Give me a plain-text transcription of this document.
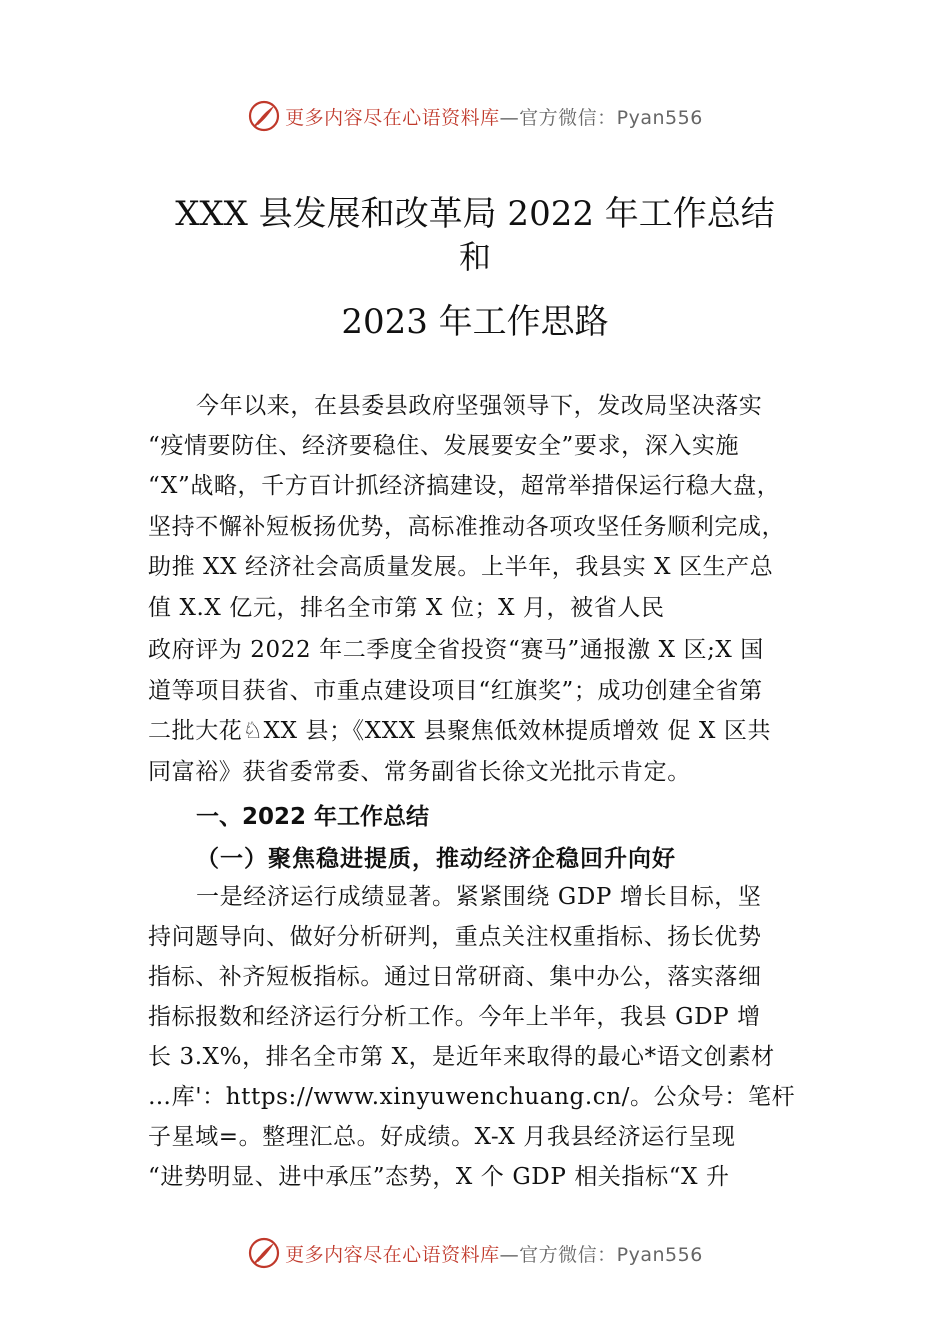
更多内容尽在心语资料库—官方微信：Pyan556
XXX 县发展和改革局 2022 年工作总结
和
2023 年工作思路
今年以来，在县委县政府坚强领导下，发改局坚决落实
“疫情要防住、经济要稳住、发展要安全”要求，深入实施
“X”战略，千方百计抓经济搞建设，超常举措保运行稳大盘，
坚持不懈补短板扬优势，高标准推动各项攻坚任务顺利完成，
助推 XX 经济社会高质量发展。上半年，我县实 X 区生产总
值 X.X 亿元，排名全市第 X 位；X 月，被省人民
政府评为 2022 年二季度全省投资“赛马”通报激 X 区;X 国
道等项目获省、市重点建设项目“红旗奖”；成功创建全省第
二批大花♘XX 县；《XXX 县聚焦低效林提质增效 促 X 区共
同富裕》获省委常委、常务副省长徐文光批示肯定。
一、2022 年工作总结
（一）聚焦稳进提质，推动经济企稳回升向好
一是经济运行成绩显著。紧紧围绕 GDP 增长目标，坚
持问题导向、做好分析研判，重点关注权重指标、扬长优势
指标、补齐短板指标。通过日常研商、集中办公，落实落细
指标报数和经济运行分析工作。今年上半年，我县 GDP 增
长 3.X%，排名全市第 X，是近年来取得的最心*语文创素材
…库'：https://www.xinyuwenchuang.cn/。公众号：笔杆
子星域=。整理汇总。好成绩。X-X 月我县经济运行呈现
“进势明显、进中承压”态势，X 个 GDP 相关指标“X 升
更多内容尽在心语资料库—官方微信：Pyan556
